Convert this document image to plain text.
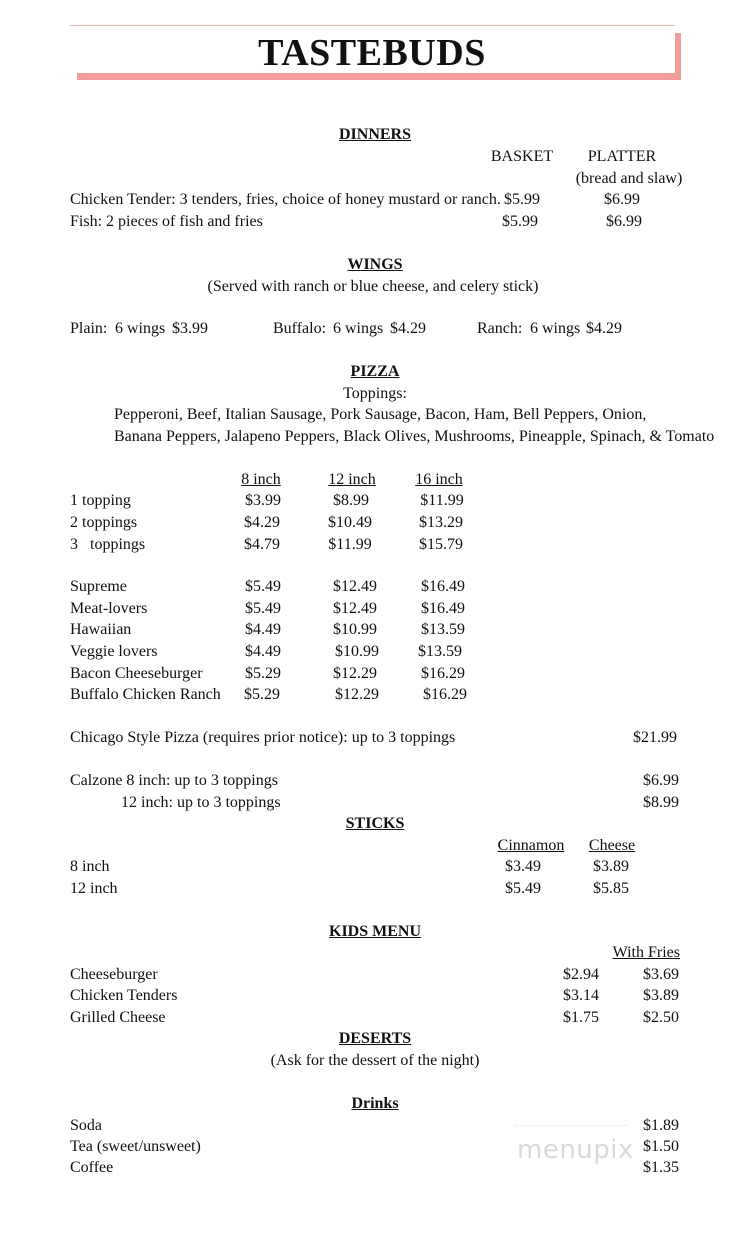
TASTEBUDS
DINNERS
BASKET PLATTER
(bread and slaw)
Chicken Tender: 3 tenders, fries, choice of honey mustard or ranch. $5.99	$6.99
Fish: 2 pieces of fish and fries	$5.99	$6.99
WINGS
(Served with ranch or blue cheese, and celery stick)
Plain: 6 wings $3.99	Buffalo: 6 wings $4.29	Ranch: 6 wings $4.29
PIZZA
Toppings:
Pepperoni, Beef, Italian Sausage, Pork Sausage, Bacon, Ham, Bell Peppers, Onion,
Banana Peppers, Jalapeno Peppers, Black Olives, Mushrooms, Pineapple, Spinach, & Tomato
8 inch	12 inch 16 inch
1 topping	$3.99	$8.99	$11.99
2 toppings	$4.29	$10.49	$13.29
3   toppings	$4.79	$11.99	$15.79
Supreme	$5.49	$12.49	$16.49
Meat-lovers	$5.49	$12.49	$16.49
Hawaiian	$4.49	$10.99	$13.59
Veggie lovers	$4.49	$10.99 $13.59
Bacon Cheeseburger	$5.29	$12.29	$16.29
Buffalo Chicken Ranch $5.29	$12.29	$16.29
Chicago Style Pizza (requires prior notice): up to 3 toppings	$21.99
Calzone 8 inch: up to 3 toppings	$6.99
12 inch: up to 3 toppings	$8.99
STICKS
Cinnamon Cheese
8 inch	$3.49	$3.89
12 inch	$5.49	$5.85
KIDS MENU
With Fries
Cheeseburger	$2.94	$3.69
Chicken Tenders	$3.14	$3.89
Grilled Cheese	$1.75	$2.50
DESERTS
(Ask for the dessert of the night)
Drinks
Soda	$1.89
Tea (sweet/unsweet)	$1.50
Coffee	$1.35
menupix
